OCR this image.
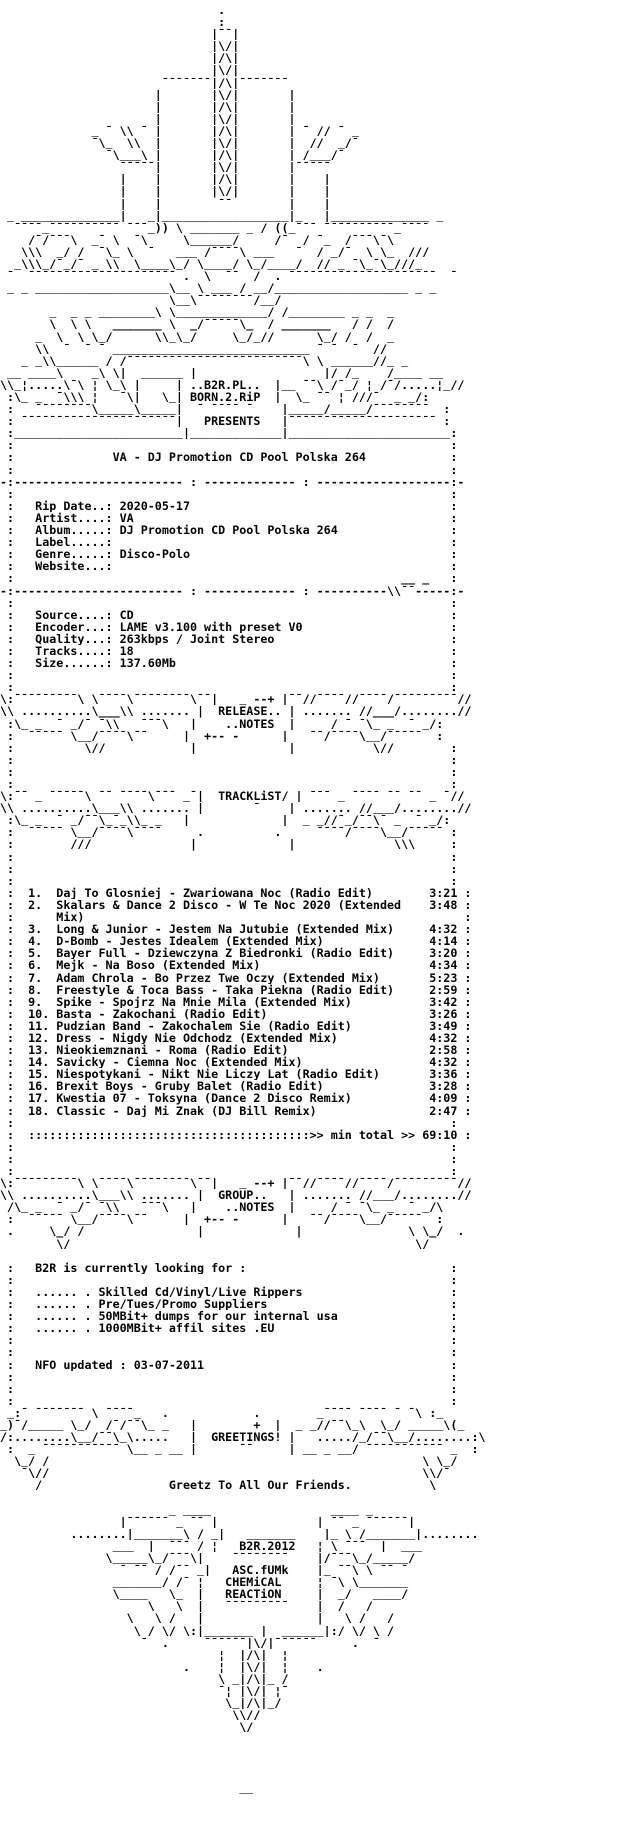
.
:
|¯¯|
|\/|
|/\|
|\/|
¯¯¯¯¯¯¯|/\|¯¯¯¯¯¯¯
|       |\/|       |
|       |/\|       |
|       |\/|       |
_ ¯ \\ ¯ |       |/\|       | ¯ // ¯ _
¯\_  \\  |       |\/|       |  //  _/¯
¯\___\ |       |/\|       | /___/¯
¯¯¯¯¯|       |\/|       |¯¯¯¯¯
|    |       |/\|       |    |
|    |       |\/|       |    |
|    |        ¯¯        |    |
_ ______________|   _|__________________|_   |______________ _
¯¯¯¯_¯¯¯¯¯¯¯¯¯¯ ¯¯¯_)) \ _______ _ / ((_¯¯¯ ¯¯¯¯¯¯¯¯¯¯_¯¯¯¯
/¯/¯¯¯\  _¯ \  ¯\     \______/     /¯  / ¯_  /¯¯¯\¯\
\\\  _/ /  ¯\_ \  ¯   ___ /¯¯¯¯\ ___   ¯  / _/¯  \ \_  ///
_\\\_/¯_/¯ _ \\  \____\_/ \____/ \_/____/  // _ ¯\_¯\_///_
¯  ¯¯¯¯¯¯¯¯¯¯¯¯¯¯¯¯¯¯¯¯¯ .  \  ¯¯  /  . ¯¯¯¯¯¯¯¯¯¯¯¯¯¯¯¯¯¯¯¯¯  ¯
_ _ ___________________\__ \ ___ / __/___________________ _ _
\__\¯¯¯¯¯¯¯¯/__/
_  _ _ ________\ \_____________/ /________ _ _  _
\  \ \   _______ \  _/¯¯¯¯¯\_  / _______   / /  /
_  \  \ \_/      \\_\_/     \_/_//      \_/ /  /  _
\\  ¯  ¯ ¯ ____________________________ ¯ ¯  ¯  //
_ _\\______ / /¯¯¯¯¯¯¯¯¯¯¯¯¯¯¯¯¯¯¯¯¯¯¯¯¯\ \ ______//_ _
__ ____\    _\ \|  ______ |                  |/ /_    /____ __
\\_¦.....\¯\ ¦ \_\ |     | ..B2R.PL..  |__ ¯¯\ /¯_/ ¦ /¯/.....¦_//
:\_ _  ¯\\\ ¦   ¯\|   \_| BORN.2.RiP  |  \_ ¯¯ ¦ ///¯  _ _/:
:   ¯¯¯¯¯¯¯¯\_____\_____|  ¯ ¯¯¯¯ ¯    |_____/_____/¯¯¯¯¯¯¯¯  :
: ¯¯¯¯¯¯¯¯¯¯¯¯¯¯¯¯¯¯¯¯¯¯|   PRESENTS   |¯¯¯¯¯¯¯¯¯¯¯¯¯¯¯¯¯¯¯¯¯ :
:________________________|_____________|_______________________:
:                                                              :
:              VA - DJ Promotion CD Pool Polska 264            :
:                                                              :
-:------------------------ : ------------- : -------------------:-
:                                                              :
:   Rip Date..: 2020-05-17                                     :
:   Artist....: VA                                             :
:   Album.....: DJ Promotion CD Pool Polska 264                :
:   Label.....:                                                :
:   Genre.....: Disco-Polo                                     :
:   Website...:                                                :
:                                                       __ _   :
-:------------------------ : ------------- : ----------\\¯¯-----:-
:                                                              :
:   Source....: CD                                             :
:   Encoder...: LAME v3.100 with preset V0                     :
:   Quality...: 263kbps / Joint Stereo                         :
:   Tracks....: 18                                             :
:   Size......: 137.60Mb                                       :
:                                                              :
:                                                              :
\:¯¯¯¯¯¯¯¯¯\ \¯¯¯¯\¯¯¯¯¯¯¯¯\¯¯|   _ --+ |¯¯//¯¯¯¯//¯¯¯¯/¯¯¯¯¯¯¯¯¯//
\\ ..........\___\\ ....... |  RELEASE.. | ....... //___/........//
:\_ _  ¯ _/¯ ¯\\   ¯¯¯\   |    ..NOTES  |     / ¯ ¯\_ _  ¯ _/:
:  ¯¯¯¯¯ \__/¯¯¯¯\¯¯     |  +-- -      |   ¯¯/¯¯¯¯\__/¯¯¯¯¯  :
:          \//            |             |           \//        :
:                                                              :
:                                                              :
:                                                              :
\:¯¯ _ ¯¯¯¯¯\ ¯¯ ¯¯¯¯\¯¯¯ _¯|  TRACKLiST/ | ¯¯¯ _ ¯¯¯¯ ¯¯ ¯¯ _ ¯//
\\ ..........\___\\ ....... |       ¯    | ....... //___/........//
:\_ _  ¯ _/¯¯\_¯_\\_ _   |             |  _ _//¯_/¯¯\¯ _  ¯ _/:
:  ¯¯¯¯¯ \__/¯¯¯¯\¯¯¯¯     .          .     ¯¯¯¯/¯¯¯¯\__/¯¯¯¯¯ :
:        ///              |             |              \\\     :
:                                                              :
:                                                              :
:                                                              :
:  1.  Daj To Glosniej - Zwariowana Noc (Radio Edit)        3:21 :
:  2.  Skalars & Dance 2 Disco - W Te Noc 2020 (Extended    3:48 :
:      Mix)                                                      :
:  3.  Long & Junior - Jestem Na Jutubie (Extended Mix)     4:32 :
:  4.  D-Bomb - Jestes Idealem (Extended Mix)               4:14 :
:  5.  Bayer Full - Dziewczyna Z Biedronki (Radio Edit)     3:20 :
:  6.  Mejk - Na Boso (Extended Mix)                        4:34 :
:  7.  Adam Chrola - Bo Przez Twe Oczy (Extended Mix)       5:23 :
:  8.  Freestyle & Toca Bass - Taka Piekna (Radio Edit)     2:59 :
:  9.  Spike - Spojrz Na Mnie Mila (Extended Mix)           3:42 :
:  10. Basta - Zakochani (Radio Edit)                       3:26 :
:  11. Pudzian Band - Zakochalem Sie (Radio Edit)           3:49 :
:  12. Dress - Nigdy Nie Odchodz (Extended Mix)             4:32 :
:  13. Nieokiemznani - Roma (Radio Edit)                    2:58 :
:  14. Savicky - Ciemna Noc (Extended Mix)                  4:32 :
:  15. Niespotykani - Nikt Nie Liczy Lat (Radio Edit)       3:36 :
:  16. Brexit Boys - Gruby Balet (Radio Edit)               3:28 :
:  17. Kwestia 07 - Toksyna (Dance 2 Disco Remix)           4:09 :
:  18. Classic - Daj Mi Znak (DJ Bill Remix)                2:47 :
:                                                              :
:  ::::::::::::::::::::::::::::::::::::::::>> min total >> 69:10 :
:                                                              :
:                                                              :
:                                                              :
\:¯¯¯¯¯¯¯¯¯\ \¯¯¯¯\¯¯¯¯¯¯¯¯\¯¯|   _ --+ |¯¯//¯¯¯¯//¯¯¯¯/¯¯¯¯¯¯¯¯¯//
\\ ..........\___\\ ....... |  GROUP..   | ....... //___/........//
/\_ _  ¯ _/¯ ¯\\   ¯¯¯\   |    ..NOTES  |     / ¯ ¯\_ _  ¯ _/\
:  ¯¯¯¯¯ \__/¯¯¯¯\¯¯     |  +-- -      |   ¯¯/¯¯¯¯\__/¯¯¯¯¯  :
.     \_/ /                |             |               \ \_/  .
\/                                                 \/

:   B2R is currently looking for :                             :
:                                                              :
:   ...... . Skilled Cd/Vinyl/Live Rippers                     :
:   ...... . Pre/Tues/Promo Suppliers                          :
:   ...... . 50MBit+ dumps for our internal usa                :
:   ...... . 1000MBit+ affil sites .EU                         :
:                                                              :
:                                                              :
:   NFO updated : 03-07-2011                                   :
:                                                              :
:                                                              :
:                                                              :
_:¯ ¯¯¯¯¯¯¯ \ ¯¯¯¯_   .            .        _¯¯¯¯ ¯¯¯¯ ¯ ¯\ :_
_)¯/_____ \_/  /¯/¯¯\_ _   |        +  |  _ _//¯¯\_\  \_/ _____\(_
/:........\__/¯¯\_\.....   |  GREETINGS! |   ...../_/¯¯\__/........:\
:  _ ¯¯¯¯¯¯¯¯¯¯¯ \__ _ __ |      ¯¯     | __ _ __/ ¯¯¯¯¯¯¯¯¯¯¯ _  :
\_/ /                                                     \ \_/
¯\//                                                     \\/¯
/                  Greetz To All Our Friends.           \

_ ____                 ____ _
|¯¯¯¯¯¯ _ ¯¯ |              | ¯¯ _ ¯¯¯¯¯¯|
........|_______\ / _|   _______    |_ \ /_______|........
___  |  ¯¯¯ / ¦   B2R.2012   ¦ \ ¯¯¯  |  ___
\_____\_/¯¯¯\|    ¯¯¯¯¯¯¯¯    |/¯¯¯\_/_____/
¯ ¯¯ / /¯¯ _|   ASC.fUMk    |_ ¯¯\ \ ¯¯ ¯
_______/ /¯ ¦   CHEMiCAL     ¦ ¯\ \_______
\____   \_  |   REACTiON     |  _/   ____/
\   \  |   ¯¯¯¯¯¯¯¯¯    |  /   /
\   \ /   |                |   \ /   /
\ / \/ \:|_______ |  ______|:/ \/ \ /
¯  .     ¯¯¯¯¯¯|\/|¯¯¯¯¯¯     .  ¯
¦  |/\|  ¦
.    ¦  |\/|  ¦    .
\ _|/\|_ /
¯¦ |\/| ¦¯
\_|/\|_/
\\//
\/

__
